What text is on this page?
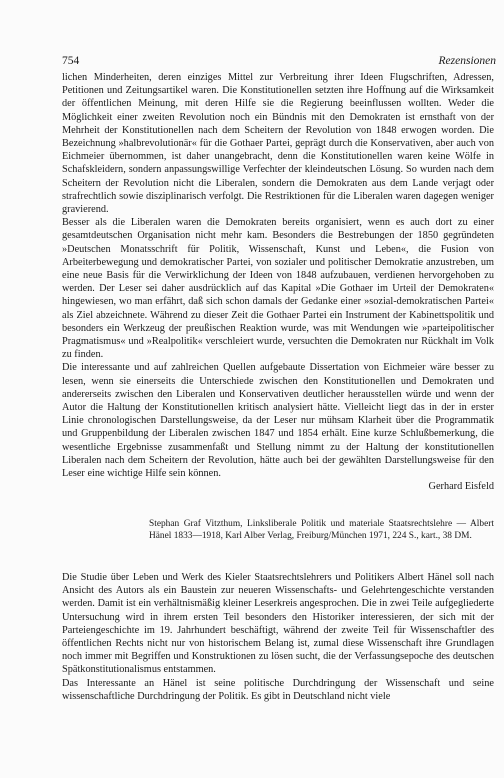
754	Rezensionen

lichen Minderheiten, deren einziges Mittel zur Verbreitung ihrer Ideen Flugschriften, Adressen, Petitionen und Zeitungsartikel waren. Die Konstitutionellen setzten ihre Hoffnung auf die Wirksamkeit der öffentlichen Meinung, mit deren Hilfe sie die Regierung beeinflussen wollten. Weder die Möglichkeit einer zweiten Revolution noch ein Bündnis mit den Demokraten ist ernsthaft von der Mehrheit der Konstitutionellen nach dem Scheitern der Revolution von 1848 erwogen worden. Die Bezeichnung »halbrevolutionär« für die Gothaer Partei, geprägt durch die Konservativen, aber auch von Eichmeier übernommen, ist daher unangebracht, denn die Konstitutionellen waren keine Wölfe in Schafskleidern, sondern anpassungswillige Verfechter der kleindeutschen Lösung. So wurden nach dem Scheitern der Revolution nicht die Liberalen, sondern die Demokraten aus dem Lande verjagt oder strafrechtlich sowie disziplinarisch verfolgt. Die Restriktionen für die Liberalen waren dagegen weniger gravierend.

Besser als die Liberalen waren die Demokraten bereits organisiert, wenn es auch dort zu einer gesamtdeutschen Organisation nicht mehr kam. Besonders die Bestrebungen der 1850 gegründeten »Deutschen Monatsschrift für Politik, Wissenschaft, Kunst und Leben«, die Fusion von Arbeiterbewegung und demokratischer Partei, von sozialer und politischer Demokratie anzustreben, um eine neue Basis für die Verwirklichung der Ideen von 1848 aufzubauen, verdienen hervorgehoben zu werden. Der Leser sei daher ausdrücklich auf das Kapital »Die Gothaer im Urteil der Demokraten« hingewiesen, wo man erfährt, daß sich schon damals der Gedanke einer »sozial-demokratischen Partei« als Ziel abzeichnete. Während zu dieser Zeit die Gothaer Partei ein Instrument der Kabinettspolitik und besonders ein Werkzeug der preußischen Reaktion wurde, was mit Wendungen wie »parteipolitischer Pragmatismus« und »Realpolitik« verschleiert wurde, versuchten die Demokraten nur Rückhalt im Volk zu finden.

Die interessante und auf zahlreichen Quellen aufgebaute Dissertation von Eichmeier wäre besser zu lesen, wenn sie einerseits die Unterschiede zwischen den Konstitutionellen und Demokraten und andererseits zwischen den Liberalen und Konservativen deutlicher herausstellen würde und wenn der Autor die Haltung der Konstitutionellen kritisch analysiert hätte. Vielleicht liegt das in der in erster Linie chronologischen Darstellungsweise, da der Leser nur mühsam Klarheit über die Programmatik und Gruppenbildung der Liberalen zwischen 1847 und 1854 erhält. Eine kurze Schlußbemerkung, die wesentliche Ergebnisse zusammenfaßt und Stellung nimmt zu der Haltung der konstitutionellen Liberalen nach dem Scheitern der Revolution, hätte auch bei der gewählten Darstellungsweise für den Leser eine wichtige Hilfe sein können.

Gerhard Eisfeld

Stephan Graf Vitzthum, Linksliberale Politik und materiale Staatsrechtslehre — Albert Hänel 1833—1918, Karl Alber Verlag, Freiburg/München 1971, 224 S., kart., 38 DM.

Die Studie über Leben und Werk des Kieler Staatsrechtslehrers und Politikers Albert Hänel soll nach Ansicht des Autors als ein Baustein zur neueren Wissenschafts- und Gelehrtengeschichte verstanden werden. Damit ist ein verhältnismäßig kleiner Leserkreis angesprochen. Die in zwei Teile aufgegliederte Untersuchung wird in ihrem ersten Teil besonders den Historiker interessieren, der sich mit der Parteiengeschichte im 19. Jahrhundert beschäftigt, während der zweite Teil für Wissenschaftler des öffentlichen Rechts nicht nur von historischem Belang ist, zumal diese Wissenschaft ihre Grundlagen noch immer mit Begriffen und Konstruktionen zu lösen sucht, die der Verfassungsepoche des deutschen Spätkonstitutionalismus entstammen.

Das Interessante an Hänel ist seine politische Durchdringung der Wissenschaft und seine wissenschaftliche Durchdringung der Politik. Es gibt in Deutschland nicht viele
